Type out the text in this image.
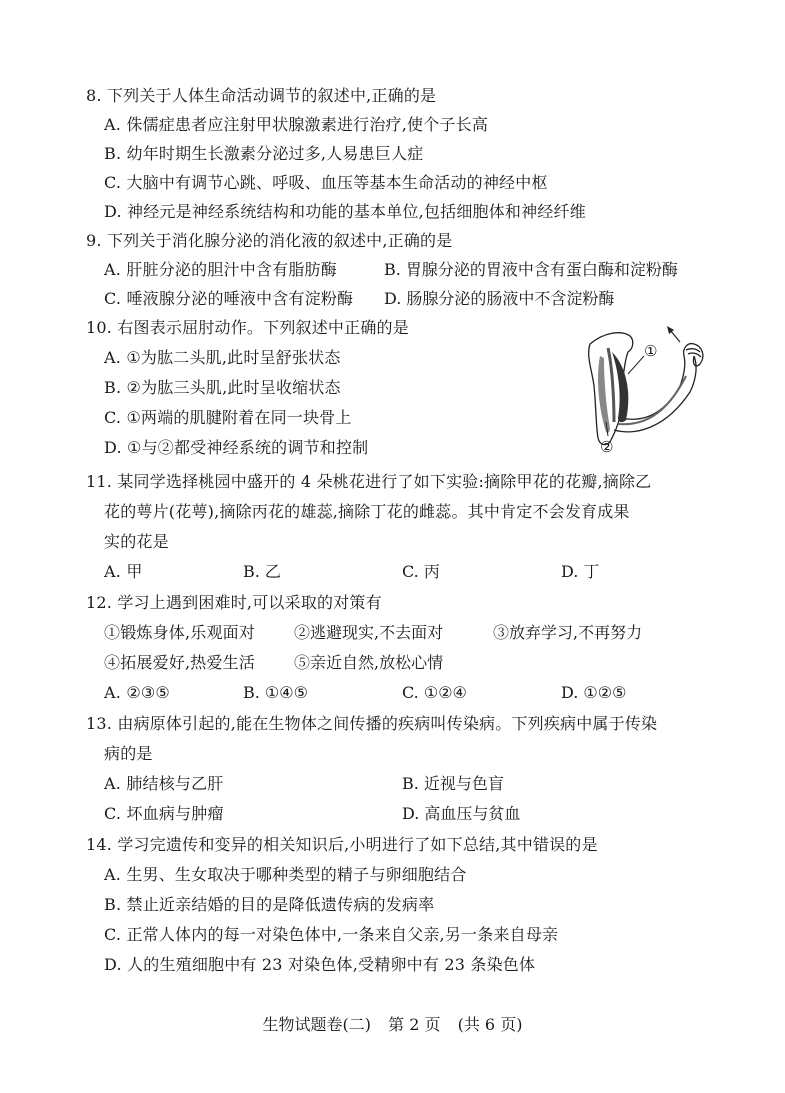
8. 下列关于人体生命活动调节的叙述中,正确的是
A. 侏儒症患者应注射甲状腺激素进行治疗,使个子长高
B. 幼年时期生长激素分泌过多,人易患巨人症
C. 大脑中有调节心跳、呼吸、血压等基本生命活动的神经中枢
D. 神经元是神经系统结构和功能的基本单位,包括细胞体和神经纤维
9. 下列关于消化腺分泌的消化液的叙述中,正确的是
A. 肝脏分泌的胆汁中含有脂肪酶	B. 胃腺分泌的胃液中含有蛋白酶和淀粉酶
C. 唾液腺分泌的唾液中含有淀粉酶 D. 肠腺分泌的肠液中不含淀粉酶
10. 右图表示屈肘动作。下列叙述中正确的是
A. ①为肱二头肌,此时呈舒张状态
B. ②为肱三头肌,此时呈收缩状态
C. ①两端的肌腱附着在同一块骨上
D. ①与②都受神经系统的调节和控制
①
②
11. 某同学选择桃园中盛开的 4 朵桃花进行了如下实验:摘除甲花的花瓣,摘除乙
花的萼片(花萼),摘除丙花的雄蕊,摘除丁花的雌蕊。其中肯定不会发育成果
实的花是
A. 甲	B. 乙	C. 丙	D. 丁
12. 学习上遇到困难时,可以采取的对策有
①锻炼身体,乐观面对 ②逃避现实,不去面对	③放弃学习,不再努力
④拓展爱好,热爱生活 ⑤亲近自然,放松心情
A. ②③⑤	B. ①④⑤	C. ①②④	D. ①②⑤
13. 由病原体引起的,能在生物体之间传播的疾病叫传染病。下列疾病中属于传染
病的是
A. 肺结核与乙肝	B. 近视与色盲
C. 坏血病与肿瘤	D. 高血压与贫血
14. 学习完遗传和变异的相关知识后,小明进行了如下总结,其中错误的是
A. 生男、生女取决于哪种类型的精子与卵细胞结合
B. 禁止近亲结婚的目的是降低遗传病的发病率
C. 正常人体内的每一对染色体中,一条来自父亲,另一条来自母亲
D. 人的生殖细胞中有 23 对染色体,受精卵中有 23 条染色体
生物试题卷(二) 第 2 页 (共 6 页)
